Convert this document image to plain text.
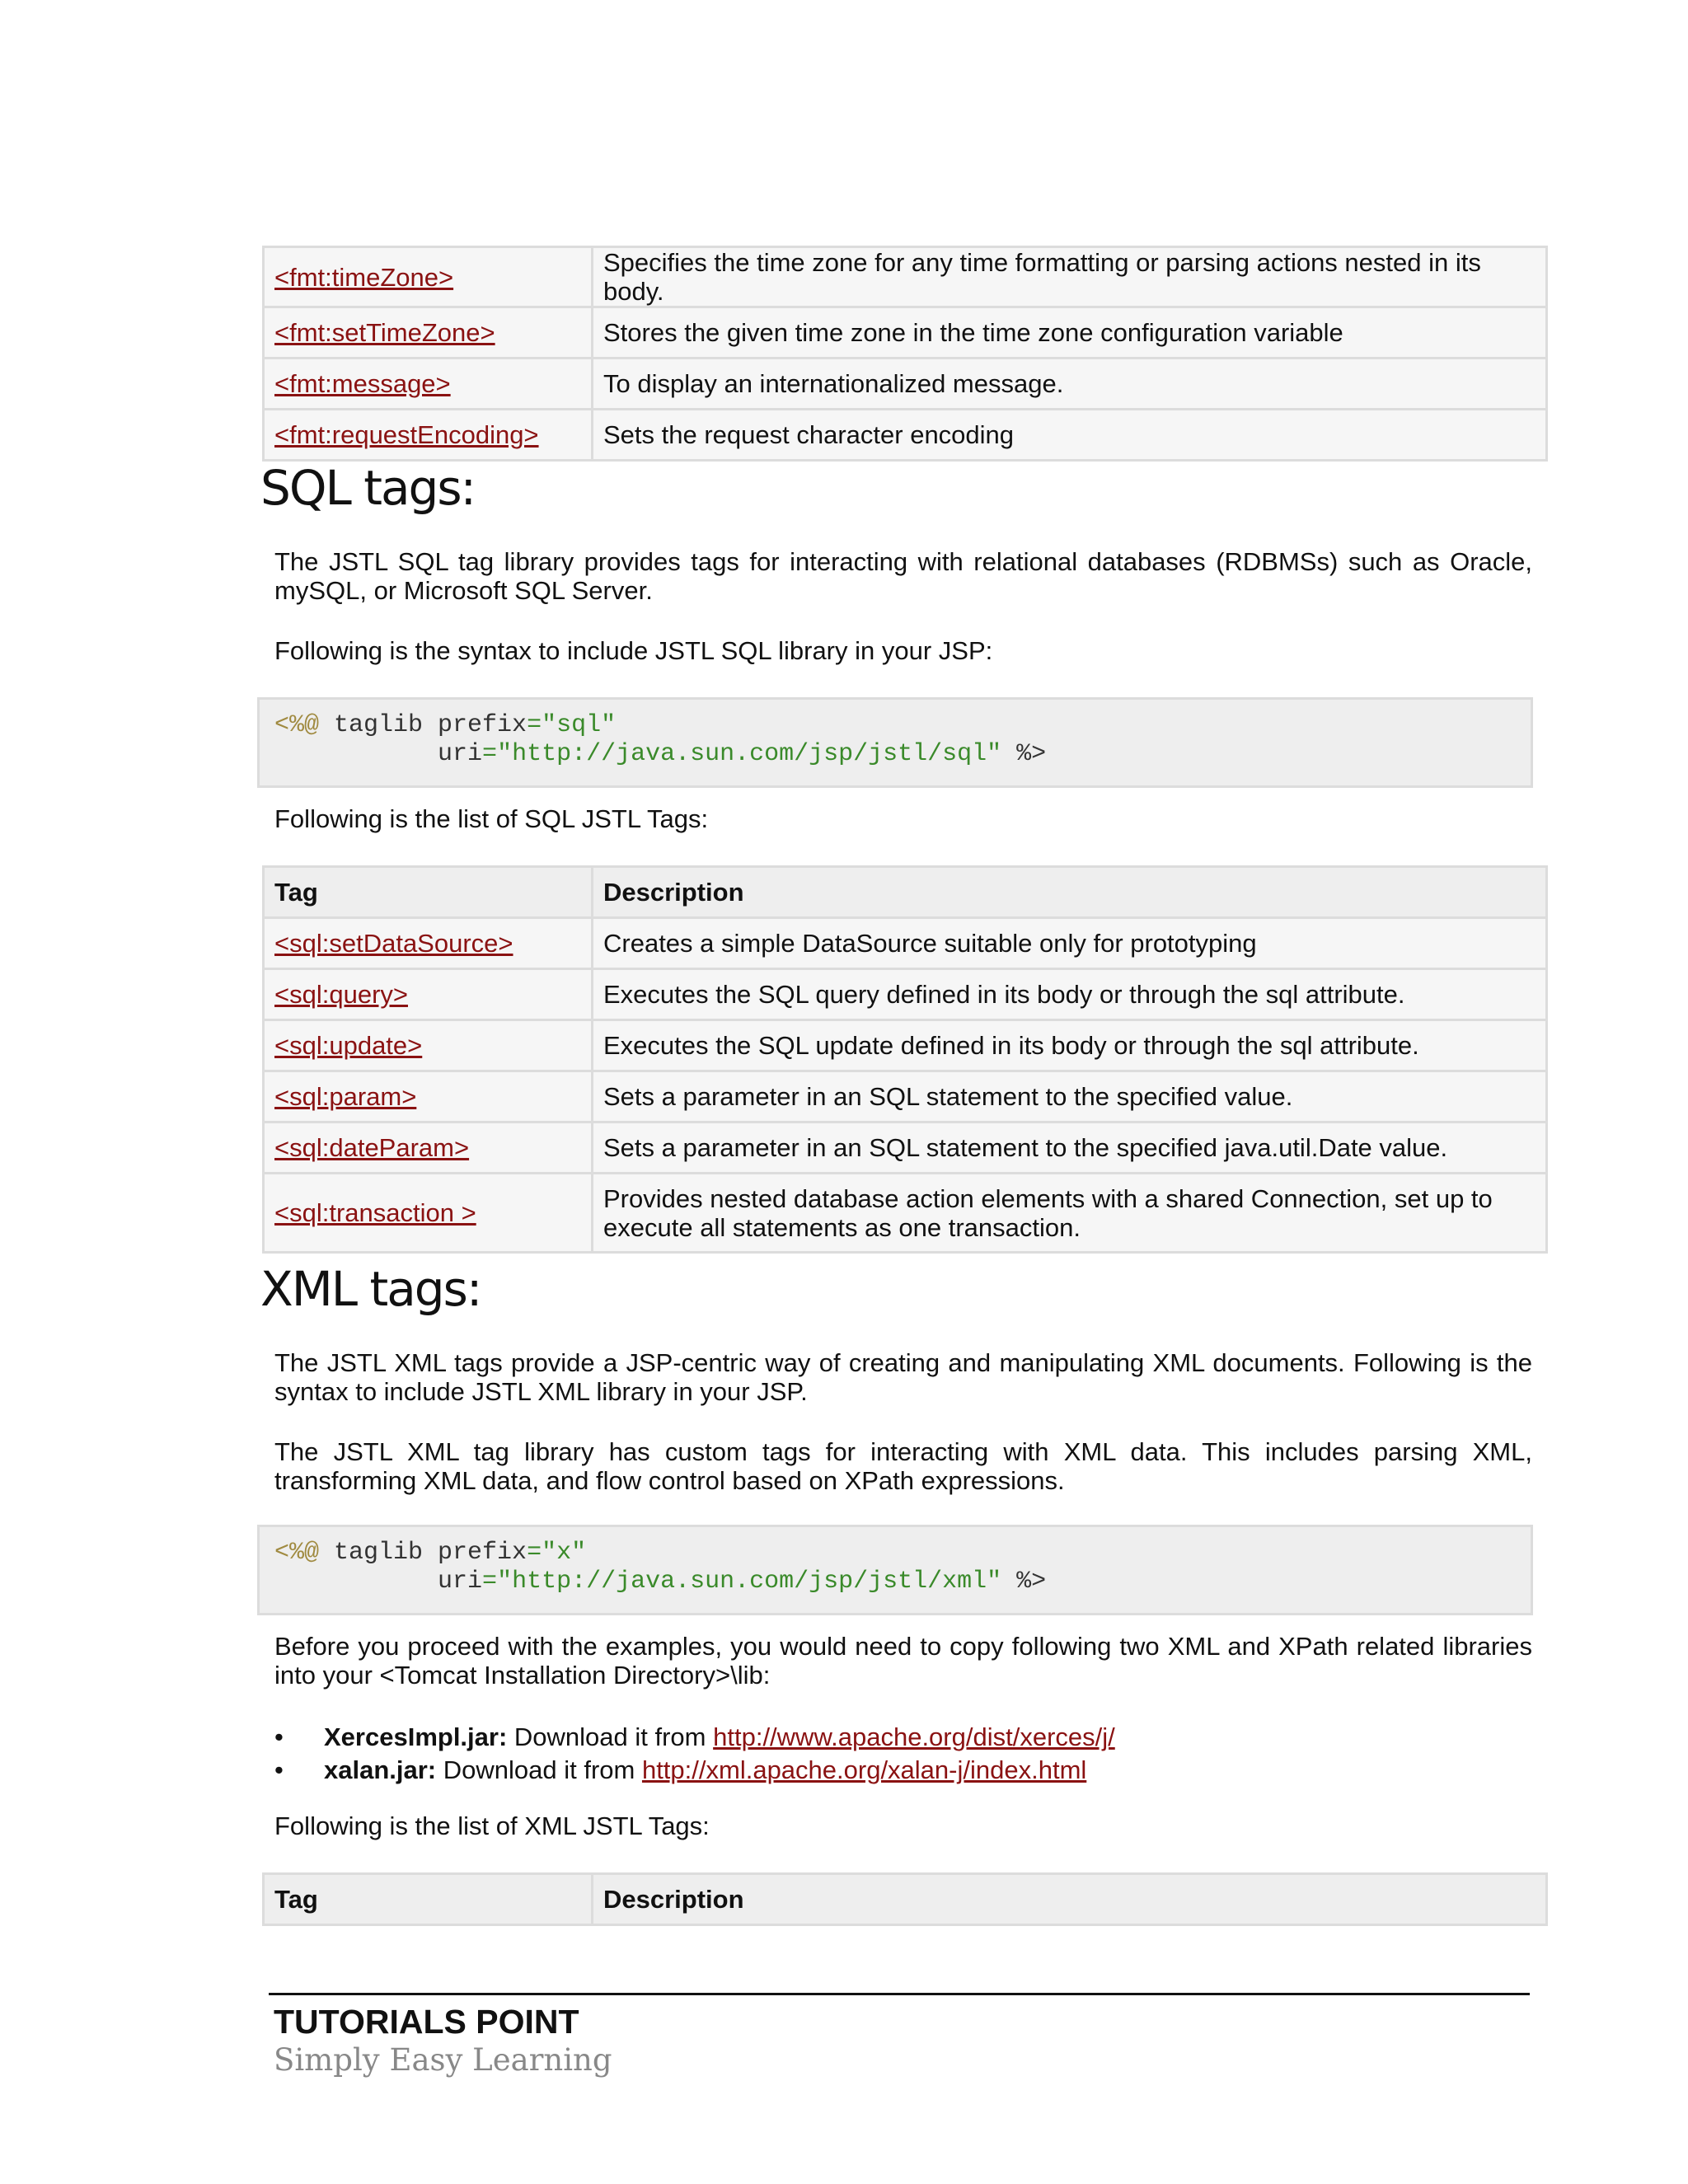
<fmt:timeZone>	Specifies the time zone for any time formatting or parsing actions nested in its body.
<fmt:setTimeZone>	Stores the given time zone in the time zone configuration variable
<fmt:message>	To display an internationalized message.
<fmt:requestEncoding>	Sets the request character encoding
SQL tags:

The JSTL SQL tag library provides tags for interacting with relational databases (RDBMSs) such as Oracle, mySQL, or Microsoft SQL Server.

Following is the syntax to include JSTL SQL library in your JSP:

<%@ taglib prefix="sql"
uri="http://java.sun.com/jsp/jstl/sql" %>

Following is the list of SQL JSTL Tags:

Tag	Description
<sql:setDataSource>	Creates a simple DataSource suitable only for prototyping
<sql:query>	Executes the SQL query defined in its body or through the sql attribute.
<sql:update>	Executes the SQL update defined in its body or through the sql attribute.
<sql:param>	Sets a parameter in an SQL statement to the specified value.
<sql:dateParam>	Sets a parameter in an SQL statement to the specified java.util.Date value.
<sql:transaction >	Provides nested database action elements with a shared Connection, set up to execute all statements as one transaction.
XML tags:

The JSTL XML tags provide a JSP-centric way of creating and manipulating XML documents. Following is the syntax to include JSTL XML library in your JSP.

The JSTL XML tag library has custom tags for interacting with XML data. This includes parsing XML, transforming XML data, and flow control based on XPath expressions.

<%@ taglib prefix="x"
uri="http://java.sun.com/jsp/jstl/xml" %>

Before you proceed with the examples, you would need to copy following two XML and XPath related libraries into your <Tomcat Installation Directory>\lib:

• XercesImpl.jar: Download it from http://www.apache.org/dist/xerces/j/
• xalan.jar: Download it from http://xml.apache.org/xalan-j/index.html

Following is the list of XML JSTL Tags:

Tag	Description

TUTORIALS POINT

Simply Easy Learning
